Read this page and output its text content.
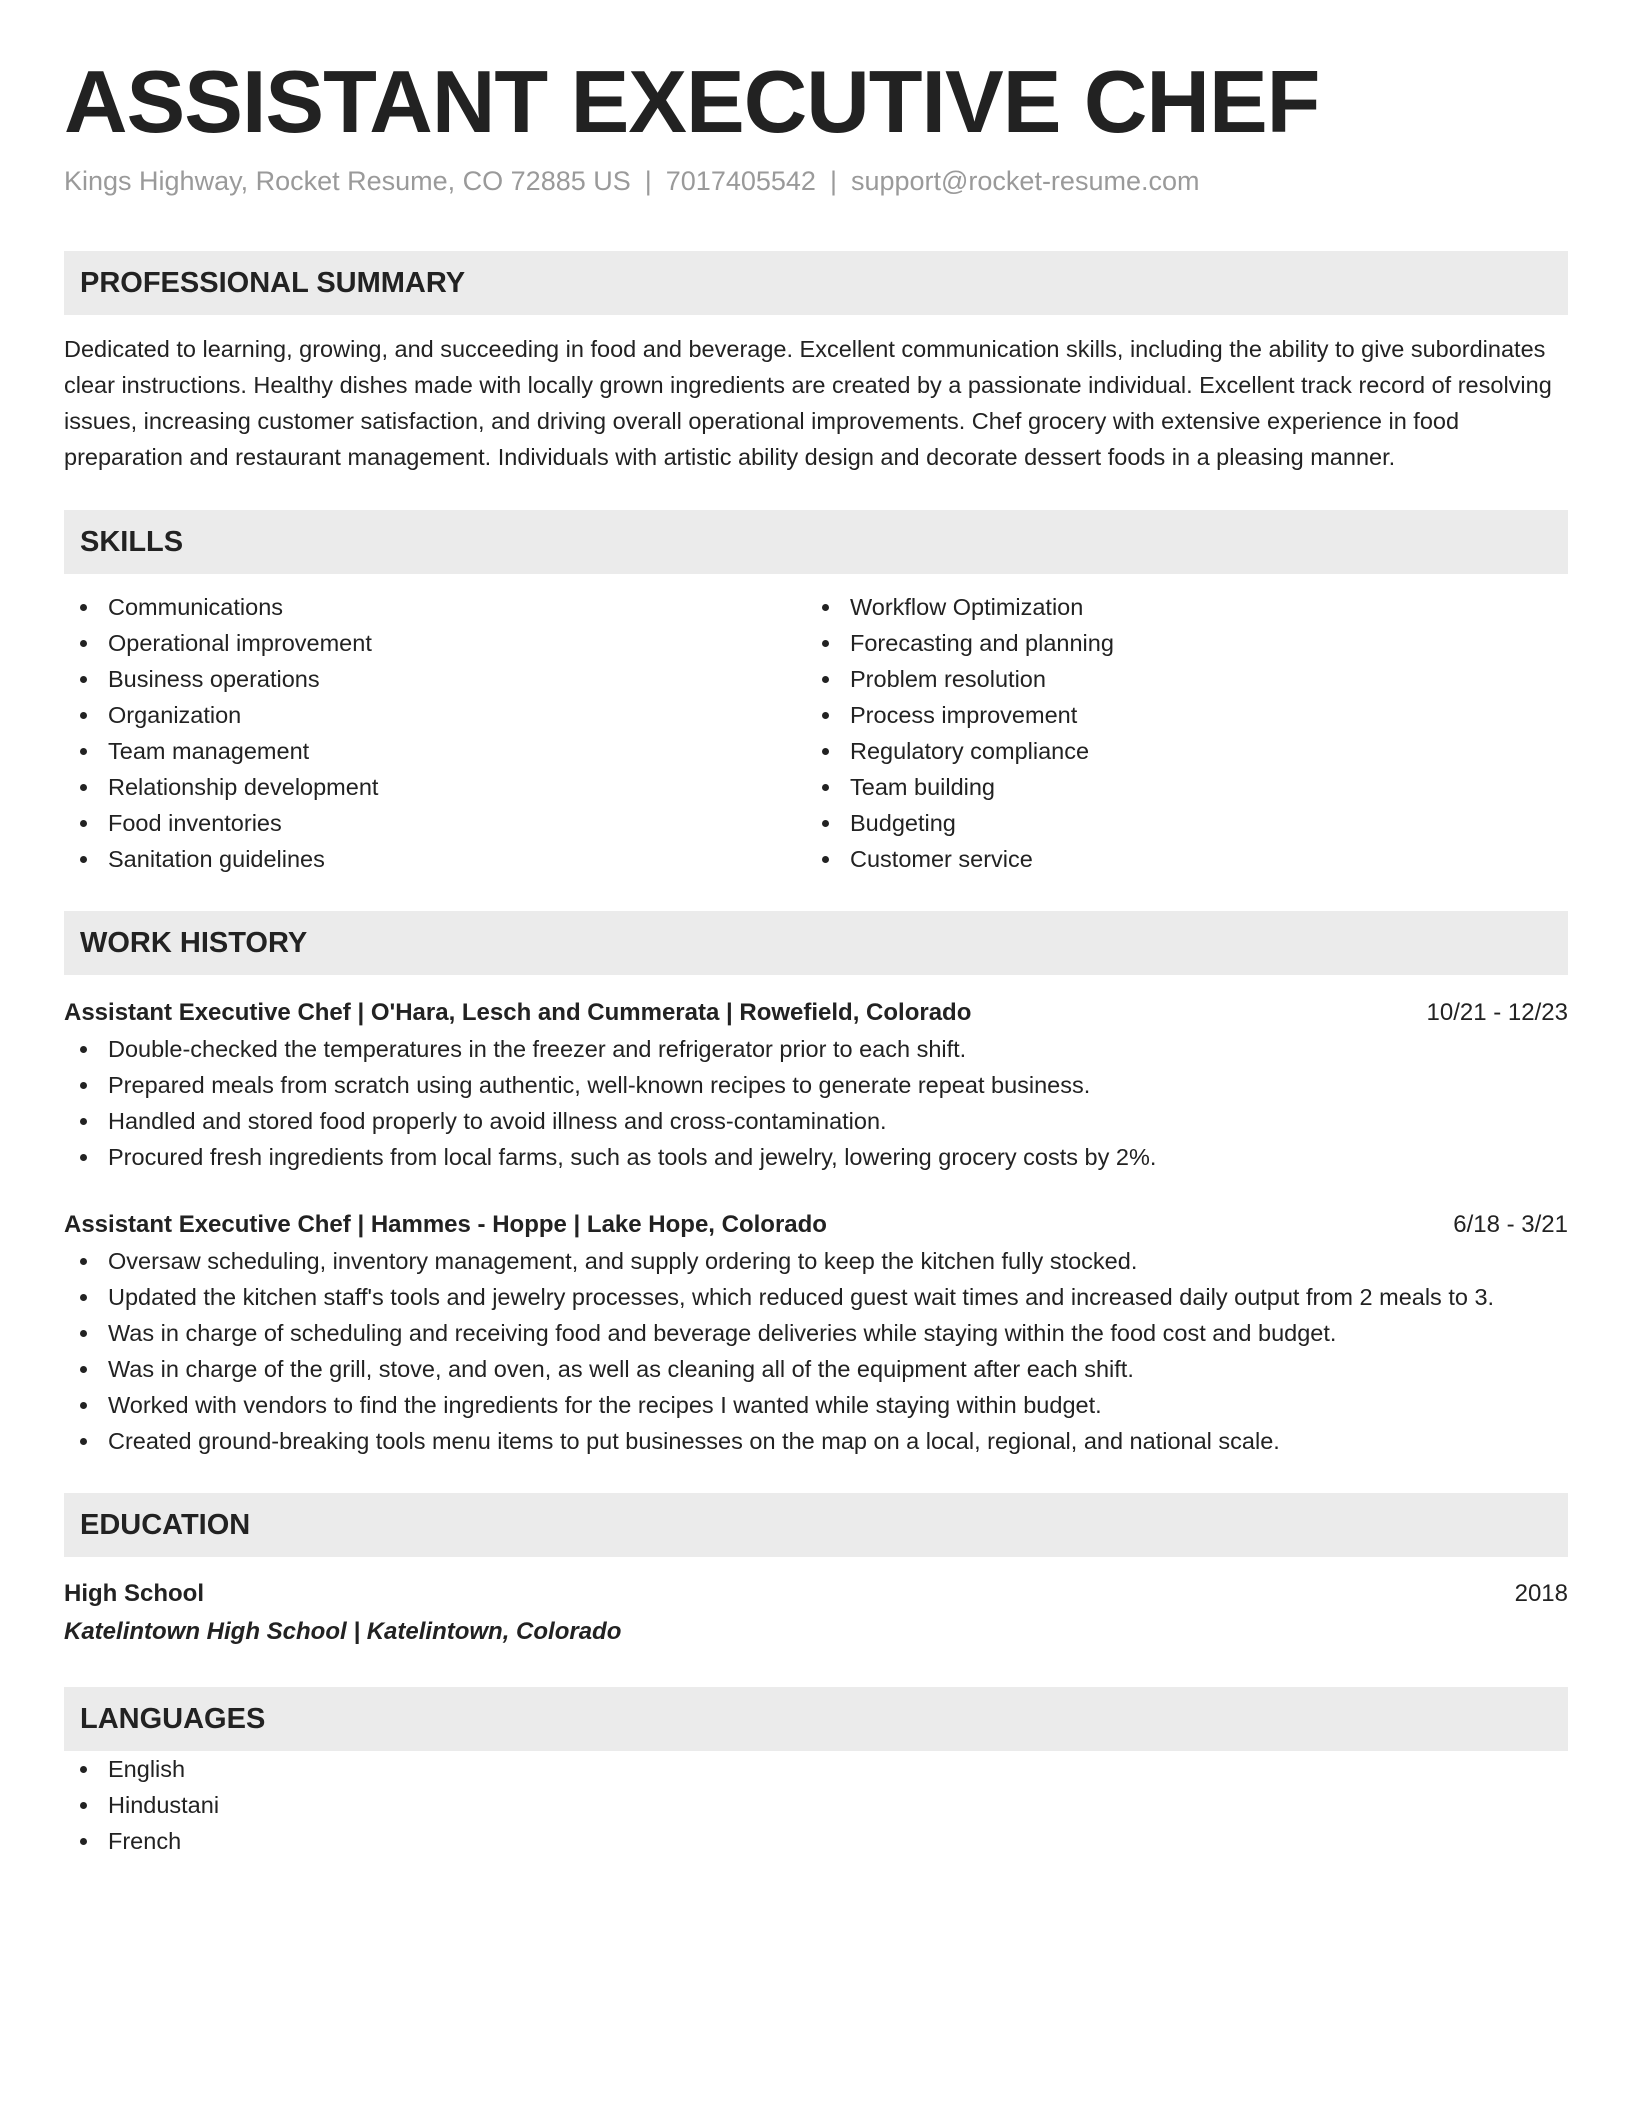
ASSISTANT EXECUTIVE CHEF
Kings Highway, Rocket Resume, CO 72885 US | 7017405542 | support@rocket-resume.com
PROFESSIONAL SUMMARY
Dedicated to learning, growing, and succeeding in food and beverage. Excellent communication skills, including the ability to give subordinates clear instructions. Healthy dishes made with locally grown ingredients are created by a passionate individual. Excellent track record of resolving issues, increasing customer satisfaction, and driving overall operational improvements. Chef grocery with extensive experience in food preparation and restaurant management. Individuals with artistic ability design and decorate dessert foods in a pleasing manner.
SKILLS
Communications
Operational improvement
Business operations
Organization
Team management
Relationship development
Food inventories
Sanitation guidelines
Workflow Optimization
Forecasting and planning
Problem resolution
Process improvement
Regulatory compliance
Team building
Budgeting
Customer service
WORK HISTORY
Assistant Executive Chef | O'Hara, Lesch and Cummerata | Rowefield, Colorado	10/21 - 12/23
Double-checked the temperatures in the freezer and refrigerator prior to each shift.
Prepared meals from scratch using authentic, well-known recipes to generate repeat business.
Handled and stored food properly to avoid illness and cross-contamination.
Procured fresh ingredients from local farms, such as tools and jewelry, lowering grocery costs by 2%.
Assistant Executive Chef | Hammes - Hoppe | Lake Hope, Colorado	6/18 - 3/21
Oversaw scheduling, inventory management, and supply ordering to keep the kitchen fully stocked.
Updated the kitchen staff's tools and jewelry processes, which reduced guest wait times and increased daily output from 2 meals to 3.
Was in charge of scheduling and receiving food and beverage deliveries while staying within the food cost and budget.
Was in charge of the grill, stove, and oven, as well as cleaning all of the equipment after each shift.
Worked with vendors to find the ingredients for the recipes I wanted while staying within budget.
Created ground-breaking tools menu items to put businesses on the map on a local, regional, and national scale.
EDUCATION
High School	2018
Katelintown High School | Katelintown, Colorado
LANGUAGES
English
Hindustani
French
